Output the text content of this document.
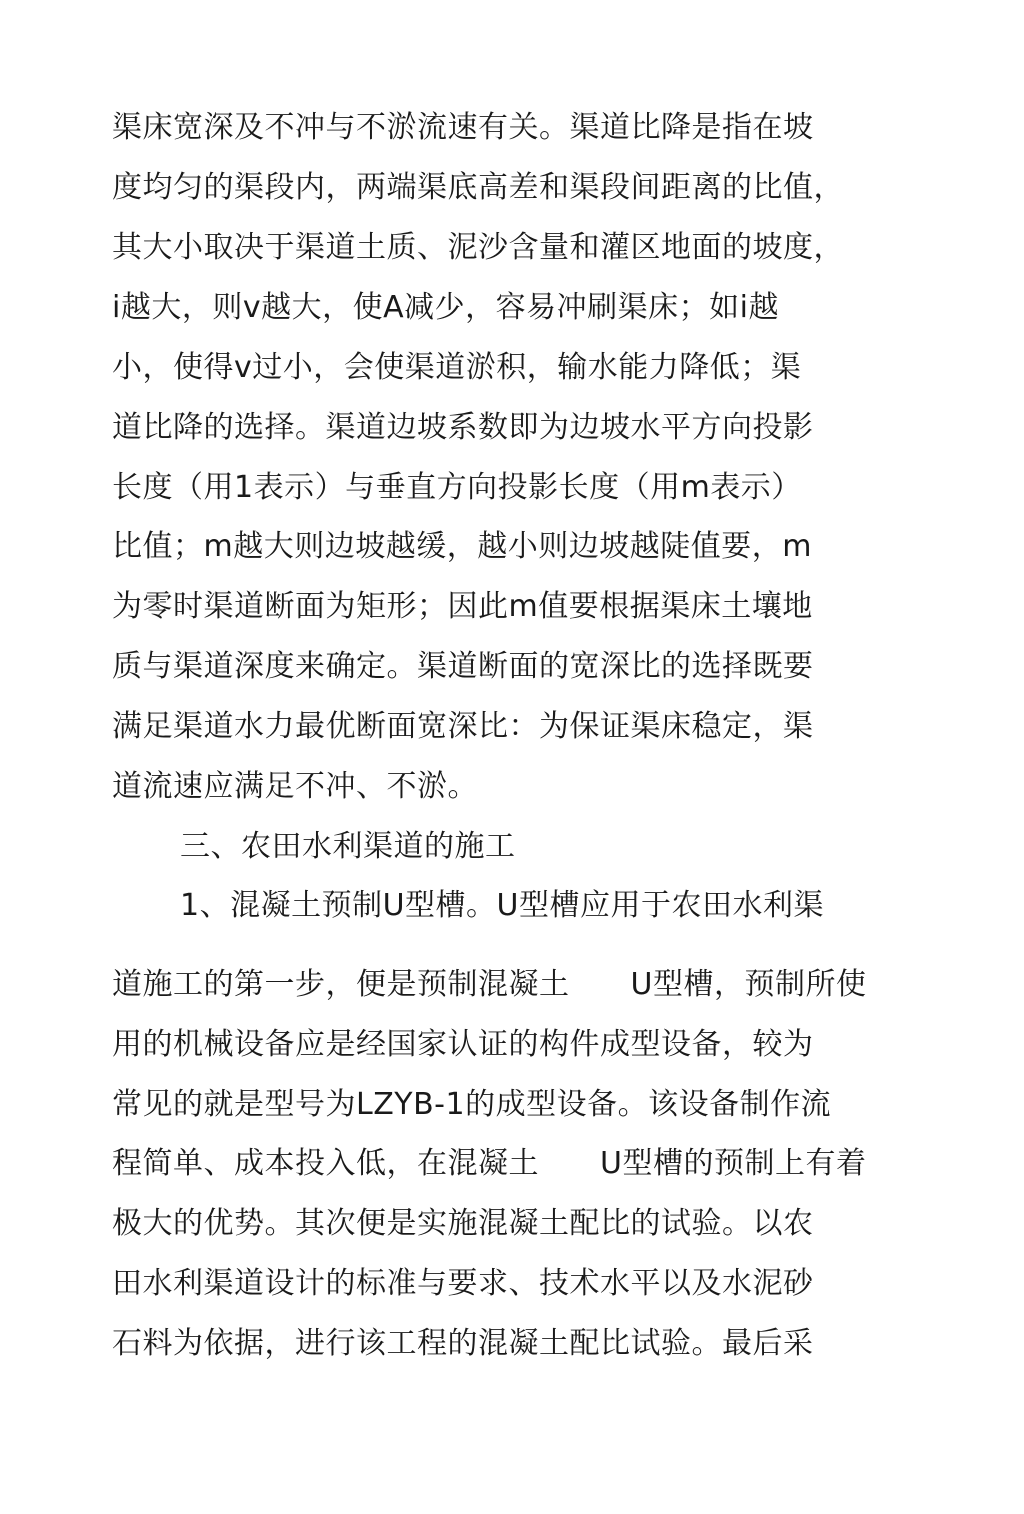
渠床宽深及不冲与不淤流速有关。渠道比降是指在坡
度均匀的渠段内，两端渠底高差和渠段间距离的比值，
其大小取决于渠道土质、泥沙含量和灌区地面的坡度，
i越大，则v越大，使A减少，容易冲刷渠床；如i越
小，使得v过小，会使渠道淤积，输水能力降低；渠
道比降的选择。渠道边坡系数即为边坡水平方向投影
长度（用1表示）与垂直方向投影长度（用m表示）
比值；m越大则边坡越缓，越小则边坡越陡值要，m
为零时渠道断面为矩形；因此m值要根据渠床土壤地
质与渠道深度来确定。渠道断面的宽深比的选择既要
满足渠道水力最优断面宽深比：为保证渠床稳定，渠
道流速应满足不冲、不淤。
三、农田水利渠道的施工
1、混凝土预制U型槽。U型槽应用于农田水利渠
道施工的第一步，便是预制混凝土　　U型槽，预制所使
用的机械设备应是经国家认证的构件成型设备，较为
常见的就是型号为LZYB-1的成型设备。该设备制作流
程简单、成本投入低，在混凝土　　U型槽的预制上有着
极大的优势。其次便是实施混凝土配比的试验。以农
田水利渠道设计的标准与要求、技术水平以及水泥砂
石料为依据，进行该工程的混凝土配比试验。最后采
